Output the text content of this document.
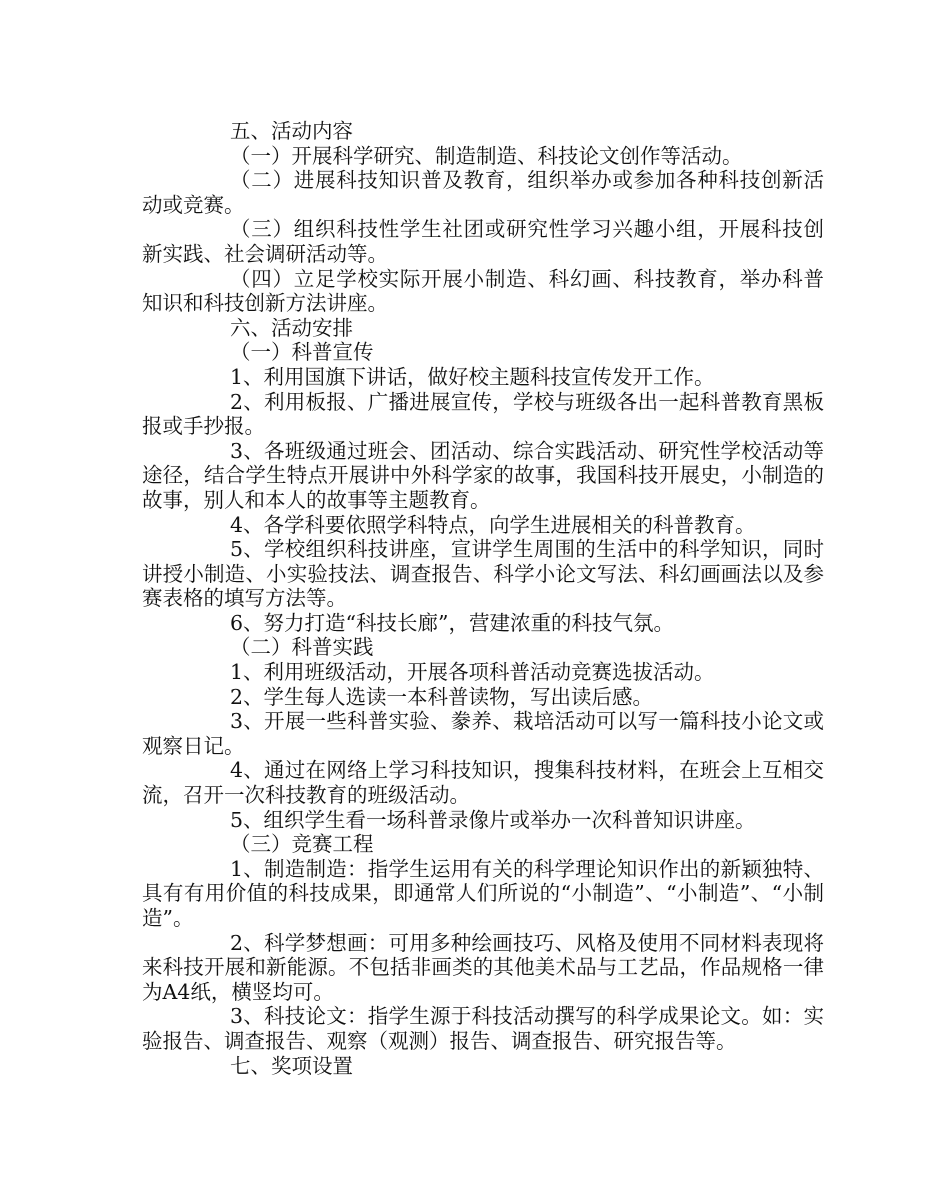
五、活动内容

（一）开展科学研究、制造制造、科技论文创作等活动。

（二）进展科技知识普及教育，组织举办或参加各种科技创新活动或竞赛。

（三）组织科技性学生社团或研究性学习兴趣小组，开展科技创新实践、社会调研活动等。

（四）立足学校实际开展小制造、科幻画、科技教育，举办科普知识和科技创新方法讲座。

六、活动安排

（一）科普宣传

1、利用国旗下讲话，做好校主题科技宣传发开工作。

2、利用板报、广播进展宣传，学校与班级各出一起科普教育黑板报或手抄报。

3、各班级通过班会、团活动、综合实践活动、研究性学校活动等途径，结合学生特点开展讲中外科学家的故事，我国科技开展史，小制造的故事，别人和本人的故事等主题教育。

4、各学科要依照学科特点，向学生进展相关的科普教育。

5、学校组织科技讲座，宣讲学生周围的生活中的科学知识，同时讲授小制造、小实验技法、调查报告、科学小论文写法、科幻画画法以及参赛表格的填写方法等。

6、努力打造“科技长廊”，营建浓重的科技气氛。

（二）科普实践

1、利用班级活动，开展各项科普活动竞赛选拔活动。

2、学生每人选读一本科普读物，写出读后感。

3、开展一些科普实验、豢养、栽培活动可以写一篇科技小论文或观察日记。

4、通过在网络上学习科技知识，搜集科技材料，在班会上互相交流，召开一次科技教育的班级活动。

5、组织学生看一场科普录像片或举办一次科普知识讲座。

（三）竞赛工程

1、制造制造：指学生运用有关的科学理论知识作出的新颖独特、具有有用价值的科技成果，即通常人们所说的“小制造”、“小制造”、“小制造”。

2、科学梦想画：可用多种绘画技巧、风格及使用不同材料表现将来科技开展和新能源。不包括非画类的其他美术品与工艺品，作品规格一律为A4纸，横竖均可。

3、科技论文：指学生源于科技活动撰写的科学成果论文。如：实验报告、调查报告、观察（观测）报告、调查报告、研究报告等。

七、奖项设置
